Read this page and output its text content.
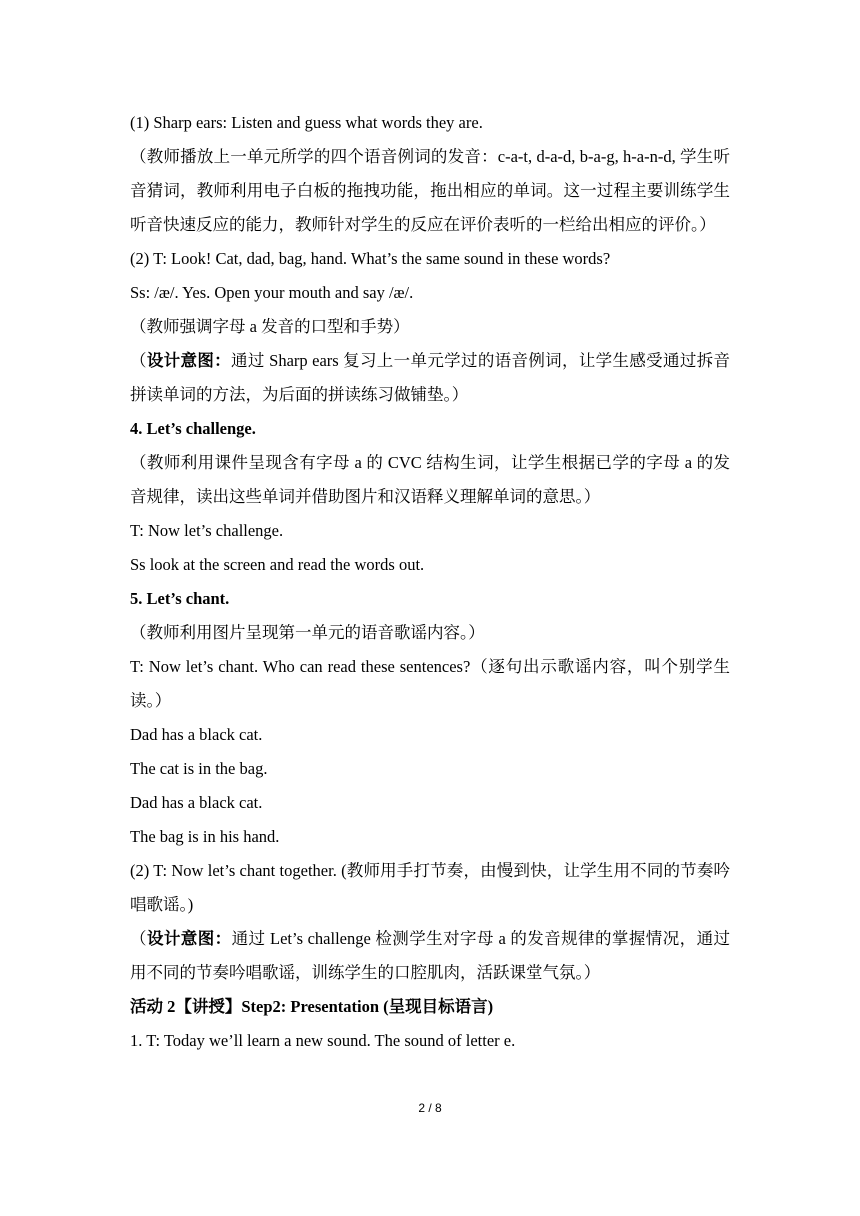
(1) Sharp ears: Listen and guess what words they are.

（教师播放上一单元所学的四个语音例词的发音：c-a-t, d-a-d, b-a-g, h-a-n-d, 学生听音猜词，教师利用电子白板的拖拽功能，拖出相应的单词。这一过程主要训练学生听音快速反应的能力，教师针对学生的反应在评价表听的一栏给出相应的评价。）

(2) T: Look! Cat, dad, bag, hand. What’s the same sound in these words?

Ss: /æ/. Yes. Open your mouth and say /æ/.

（教师强调字母 a 发音的口型和手势）

（设计意图：通过 Sharp ears 复习上一单元学过的语音例词，让学生感受通过拆音拼读单词的方法，为后面的拼读练习做铺垫。）

4. Let’s challenge.

（教师利用课件呈现含有字母 a 的 CVC 结构生词，让学生根据已学的字母 a 的发音规律，读出这些单词并借助图片和汉语释义理解单词的意思。）

T: Now let’s challenge.

Ss look at the screen and read the words out.

5. Let’s chant.

（教师利用图片呈现第一单元的语音歌谣内容。）

T: Now let’s chant. Who can read these sentences?（逐句出示歌谣内容，叫个别学生读。）

Dad has a black cat.

The cat is in the bag.

Dad has a black cat.

The bag is in his hand.

(2) T: Now let’s chant together. (教师用手打节奏，由慢到快，让学生用不同的节奏吟唱歌谣。)

（设计意图：通过 Let’s challenge 检测学生对字母 a 的发音规律的掌握情况，通过用不同的节奏吟唱歌谣，训练学生的口腔肌肉，活跃课堂气氛。）

活动 2【讲授】Step2: Presentation (呈现目标语言)

1. T: Today we’ll learn a new sound. The sound of letter e.

2 / 8
